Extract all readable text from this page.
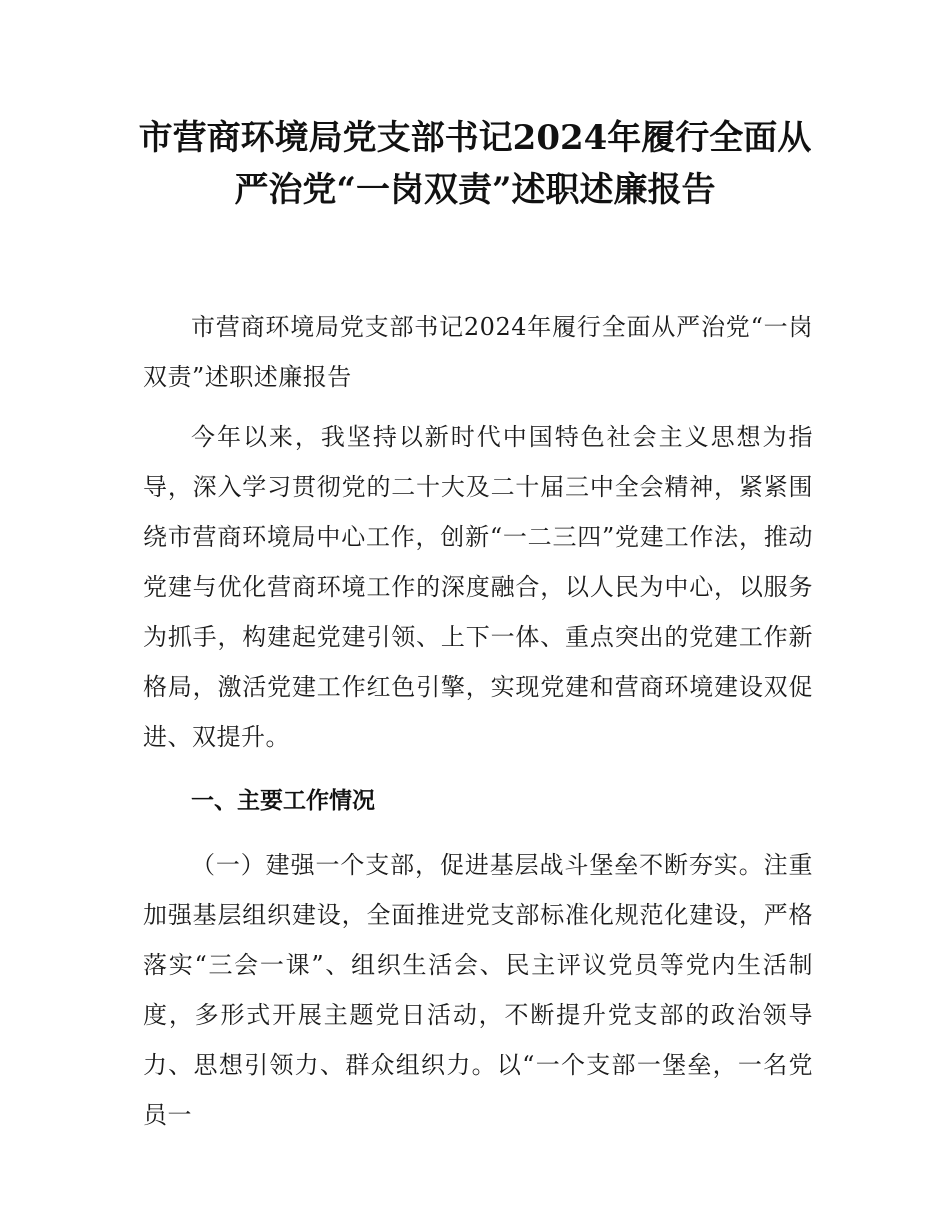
市营商环境局党支部书记2024年履行全面从
严治党“一岗双责”述职述廉报告

市营商环境局党支部书记2024年履行全面从严治党“一岗双责”述职述廉报告

今年以来，我坚持以新时代中国特色社会主义思想为指导，深入学习贯彻党的二十大及二十届三中全会精神，紧紧围绕市营商环境局中心工作，创新“一二三四”党建工作法，推动党建与优化营商环境工作的深度融合，以人民为中心，以服务为抓手，构建起党建引领、上下一体、重点突出的党建工作新格局，激活党建工作红色引擎，实现党建和营商环境建设双促进、双提升。

一、主要工作情况

（一）建强一个支部，促进基层战斗堡垒不断夯实。注重加强基层组织建设，全面推进党支部标准化规范化建设，严格落实“三会一课”、组织生活会、民主评议党员等党内生活制度，多形式开展主题党日活动，不断提升党支部的政治领导力、思想引领力、群众组织力。以“一个支部一堡垒，一名党员一
